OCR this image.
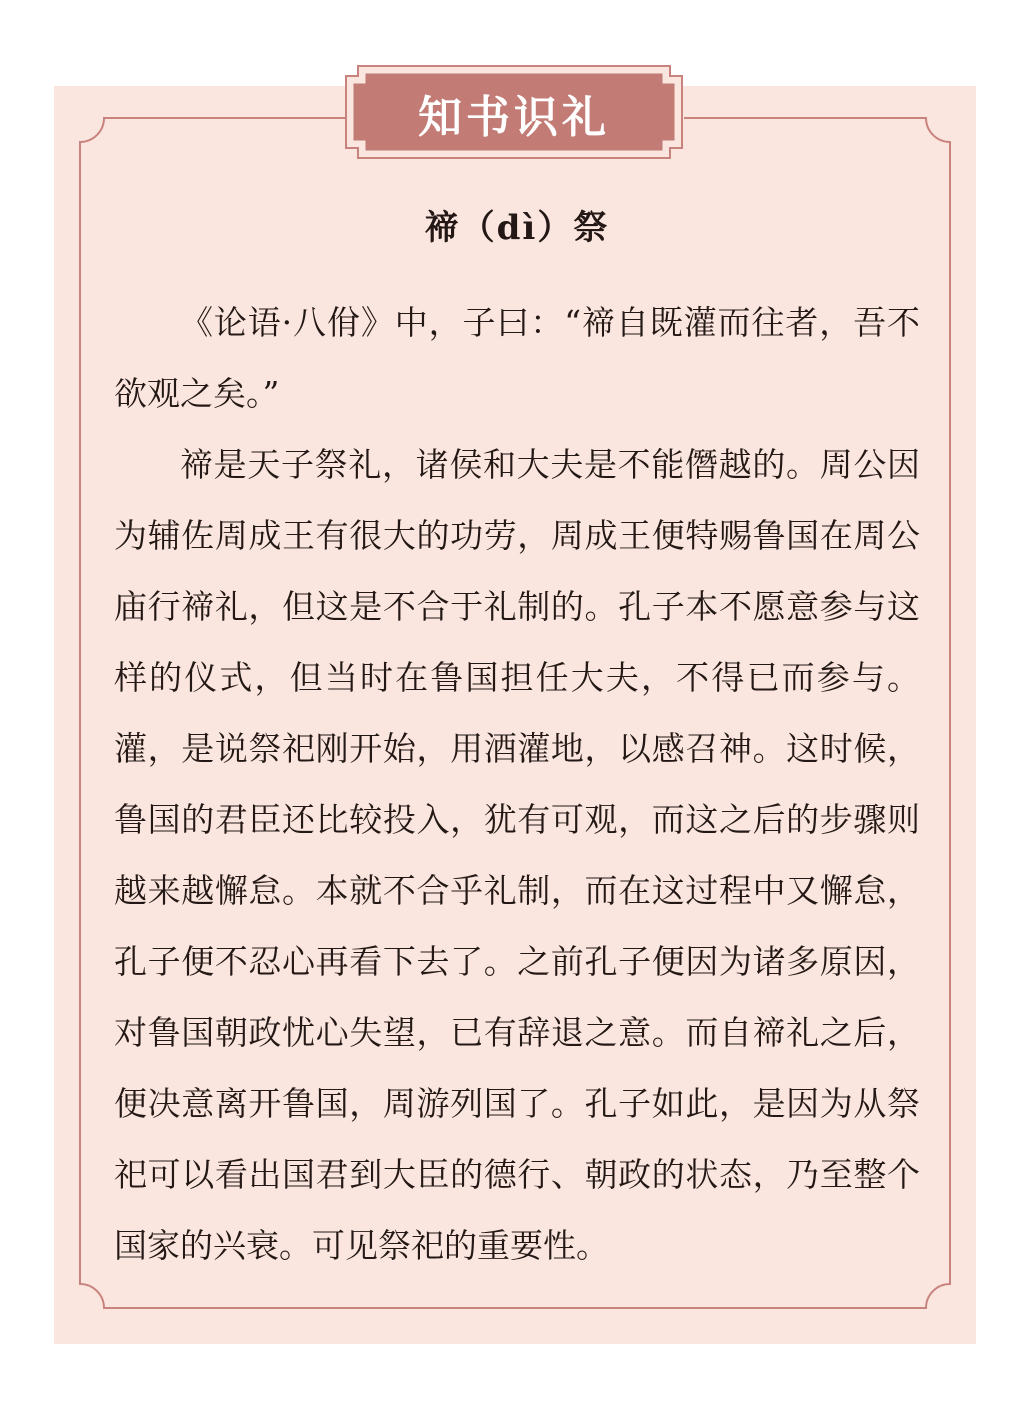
知书识礼
禘（dì）祭

《论语·八佾》中，子曰：“禘自既灌而往者，吾不欲观之矣。”

禘是天子祭礼，诸侯和大夫是不能僭越的。周公因为辅佐周成王有很大的功劳，周成王便特赐鲁国在周公庙行禘礼，但这是不合于礼制的。孔子本不愿意参与这样的仪式，但当时在鲁国担任大夫，不得已而参与。灌，是说祭祀刚开始，用酒灌地，以感召神。这时候，鲁国的君臣还比较投入，犹有可观，而这之后的步骤则越来越懈怠。本就不合乎礼制，而在这过程中又懈怠，孔子便不忍心再看下去了。之前孔子便因为诸多原因，对鲁国朝政忧心失望，已有辞退之意。而自禘礼之后，便决意离开鲁国，周游列国了。孔子如此，是因为从祭祀可以看出国君到大臣的德行、朝政的状态，乃至整个国家的兴衰。可见祭祀的重要性。
